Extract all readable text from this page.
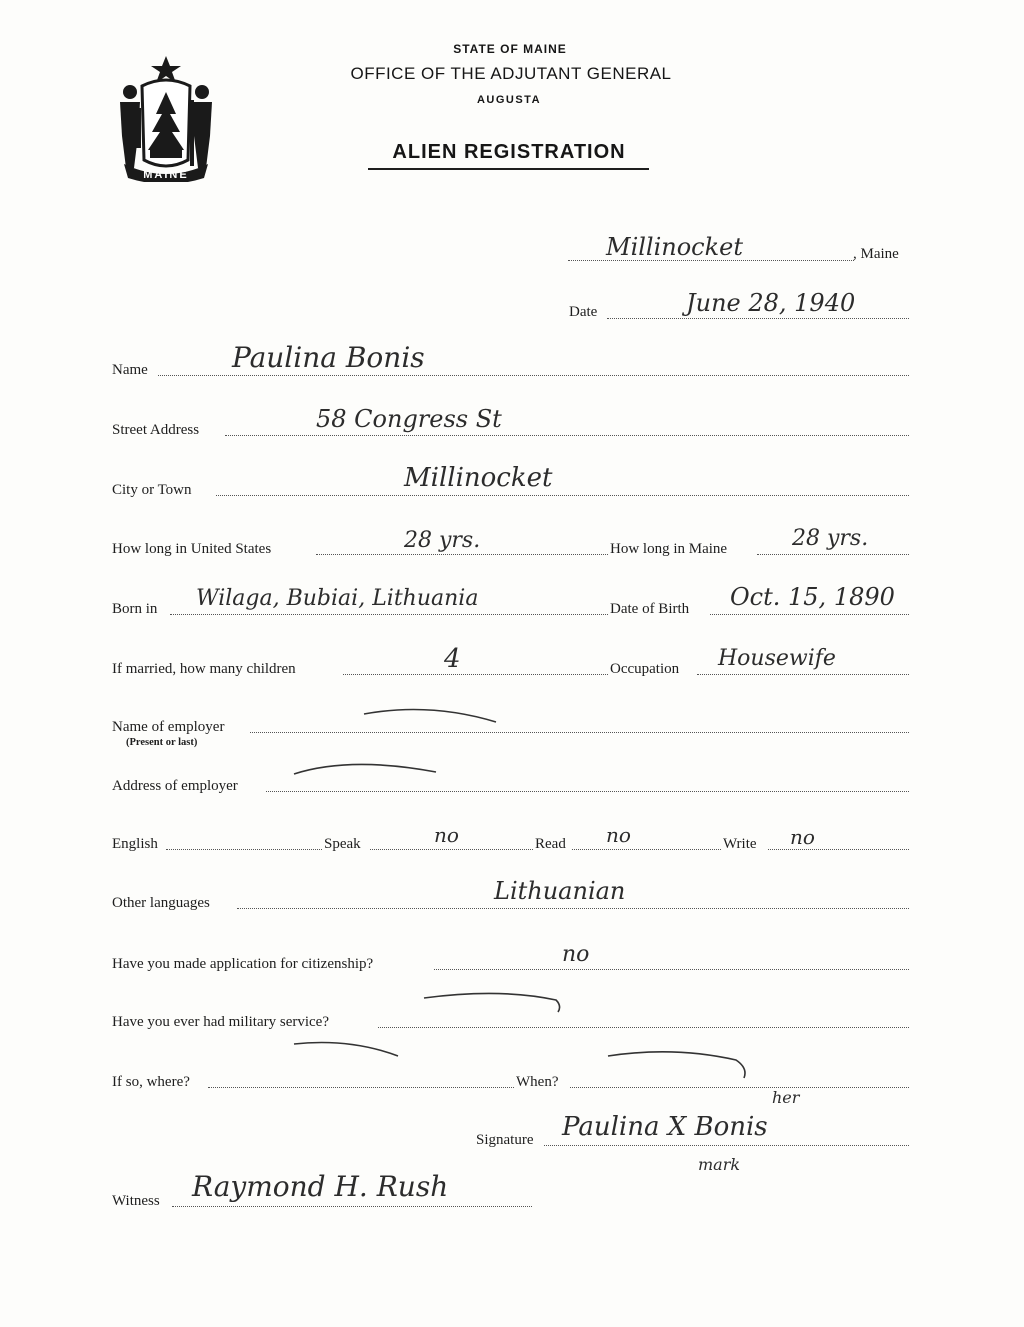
MAINE
STATE OF MAINE
OFFICE OF THE ADJUTANT GENERAL
AUGUSTA
ALIEN REGISTRATION
Millinocket	, Maine
Date	June 28, 1940
Name	Paulina Bonis
Street Address	58 Congress St
City or Town	Millinocket
How long in United States	28 yrs.	How long in Maine	28 yrs.
Born in Wilaga, Bubiai, Lithuania	Date of Birth Oct. 15, 1890
If married, how many children	4	Occupation Housewife
Name of employer
(Present or last)
Address of employer
English	Speak	no	Read no	Write no
Other languages	Lithuanian
Have you made application for citizenship?	no
Have you ever had military service?
If so, where?	When?
her
Signature Paulina X Bonis
mark
Witness Raymond H. Rush
